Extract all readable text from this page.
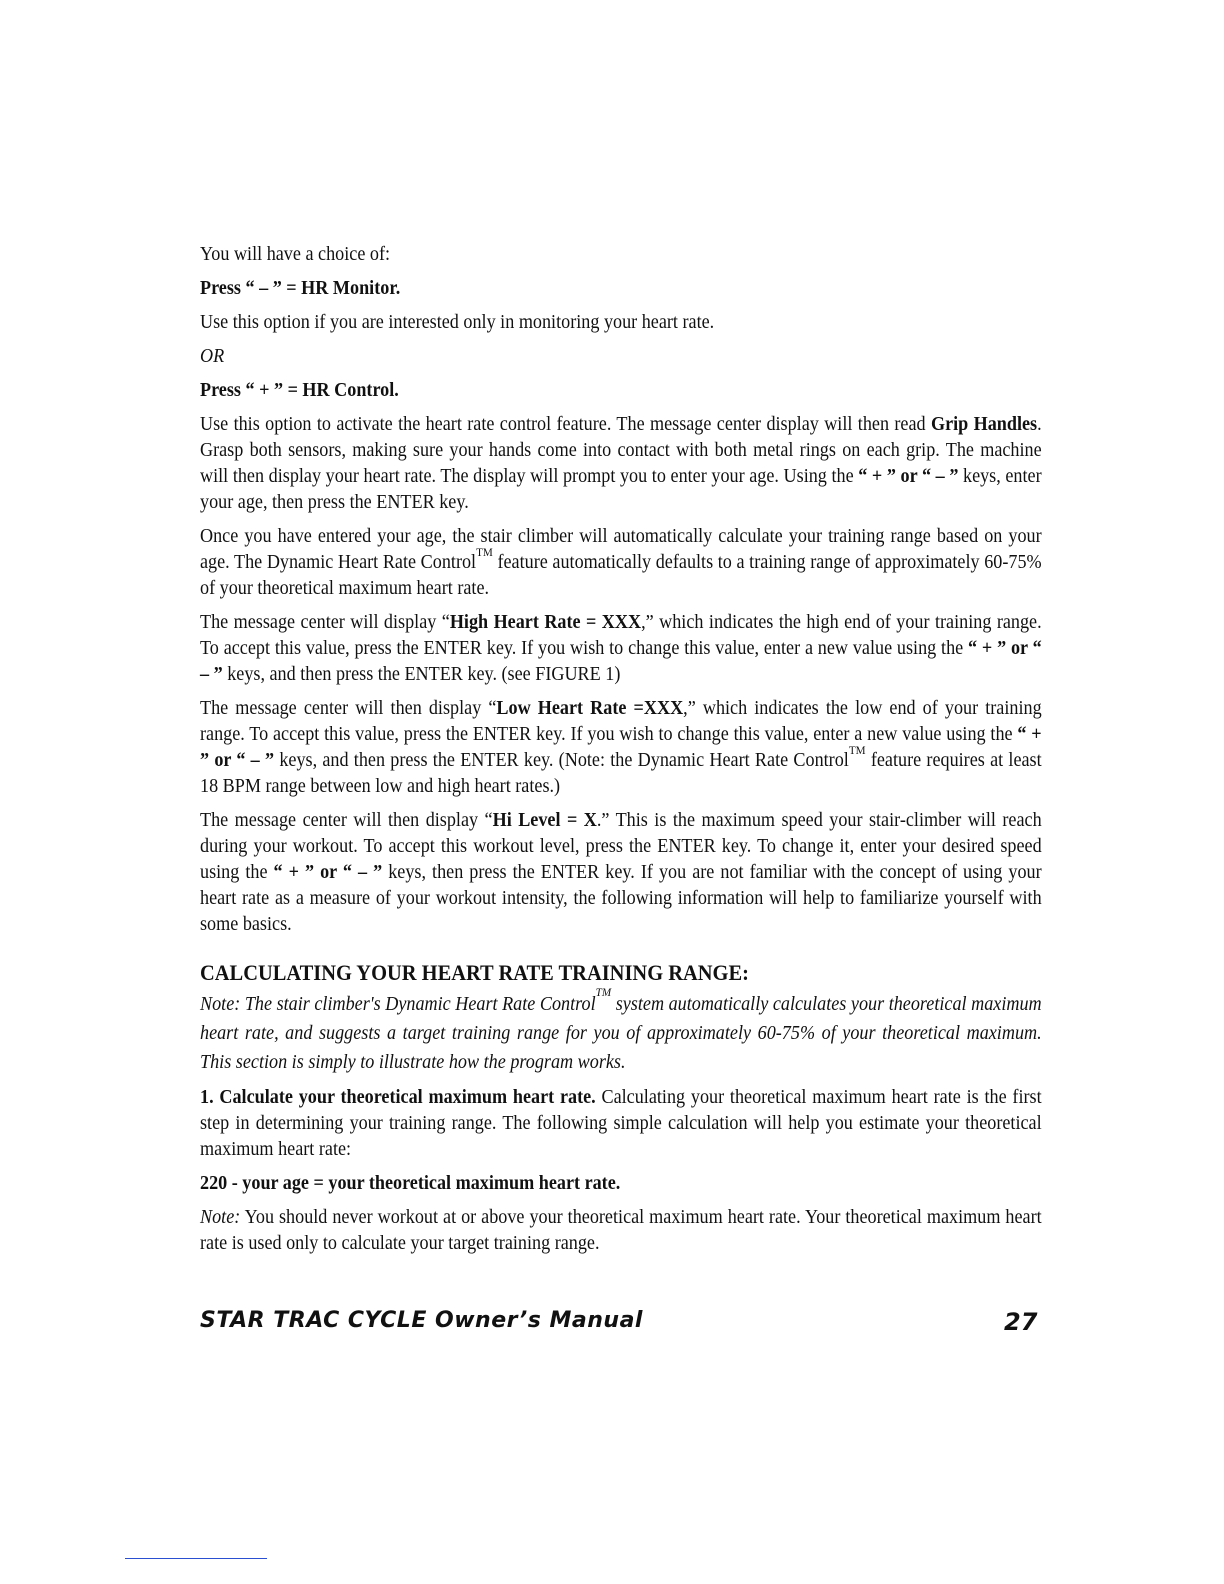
You will have a choice of:

Press “ – ” = HR Monitor.

Use this option if you are interested only in monitoring your heart rate.

OR

Press “ + ” = HR Control.

Use this option to activate the heart rate control feature. The message center display will then read Grip Handles. Grasp both sensors, making sure your hands come into contact with both metal rings on each grip. The machine will then display your heart rate. The display will prompt you to enter your age. Using the “ + ” or “ – ” keys, enter your age, then press the ENTER key.

Once you have entered your age, the stair climber will automatically calculate your training range based on your age. The Dynamic Heart Rate Control™ feature automatically defaults to a training range of approximately 60-75% of your theoretical maximum heart rate.

The message center will display “High Heart Rate = XXX,” which indicates the high end of your training range. To accept this value, press the ENTER key. If you wish to change this value, enter a new value using the “ + ” or “ – ” keys, and then press the ENTER key. (see FIGURE 1)

The message center will then display “Low Heart Rate =XXX,” which indicates the low end of your training range. To accept this value, press the ENTER key. If you wish to change this value, enter a new value using the “ + ” or “ – ” keys, and then press the ENTER key. (Note: the Dynamic Heart Rate Control™ feature requires at least 18 BPM range between low and high heart rates.)

The message center will then display “Hi Level = X.” This is the maximum speed your stair-climber will reach during your workout. To accept this workout level, press the ENTER key. To change it, enter your desired speed using the “ + ” or “ – ” keys, then press the ENTER key. If you are not familiar with the concept of using your heart rate as a measure of your workout intensity, the following information will help to familiarize yourself with some basics.

CALCULATING YOUR HEART RATE TRAINING RANGE:

Note: The stair climber's Dynamic Heart Rate Control™ system automatically calculates your theoretical maximum heart rate, and suggests a target training range for you of approximately 60-75% of your theoretical maximum. This section is simply to illustrate how the program works.

1. Calculate your theoretical maximum heart rate. Calculating your theoretical maximum heart rate is the first step in determining your training range. The following simple calculation will help you estimate your theoretical maximum heart rate:

220 - your age = your theoretical maximum heart rate.

Note: You should never workout at or above your theoretical maximum heart rate. Your theoretical maximum heart rate is used only to calculate your target training range.

STAR TRAC CYCLE Owner’s Manual	27
